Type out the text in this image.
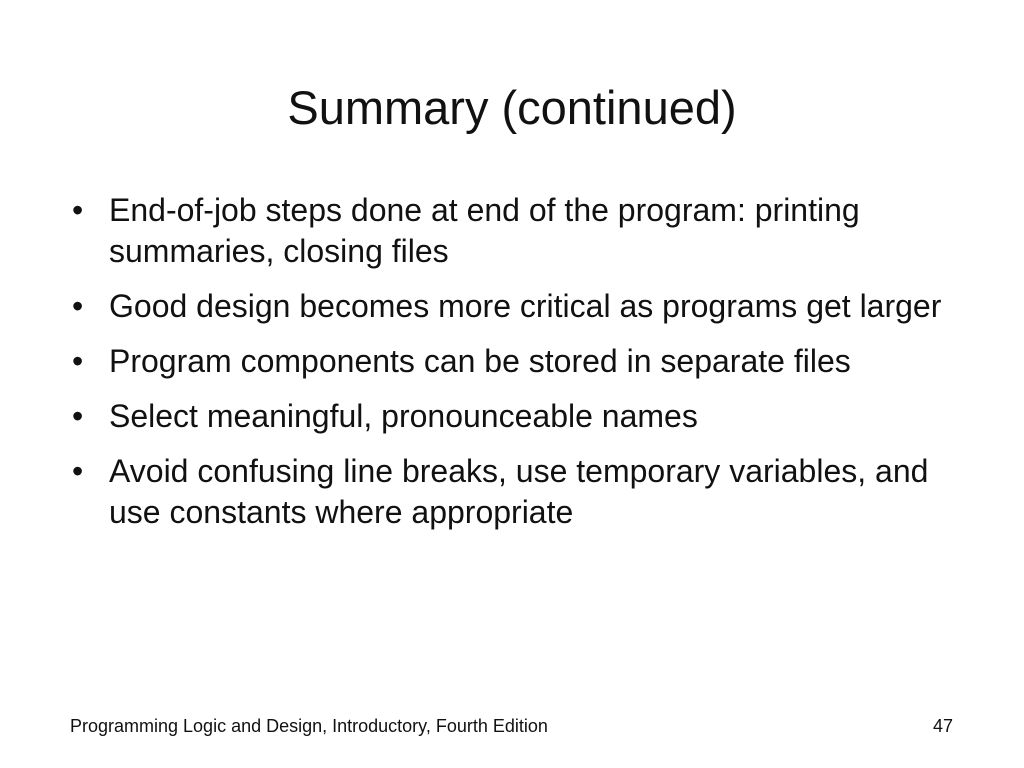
Summary (continued)
• End-of-job steps done at end of the program: printing summaries, closing files
• Good design becomes more critical as programs get larger
• Program components can be stored in separate files
• Select meaningful, pronounceable names
• Avoid confusing line breaks, use temporary variables, and use constants where appropriate
Programming Logic and Design, Introductory, Fourth Edition	47
